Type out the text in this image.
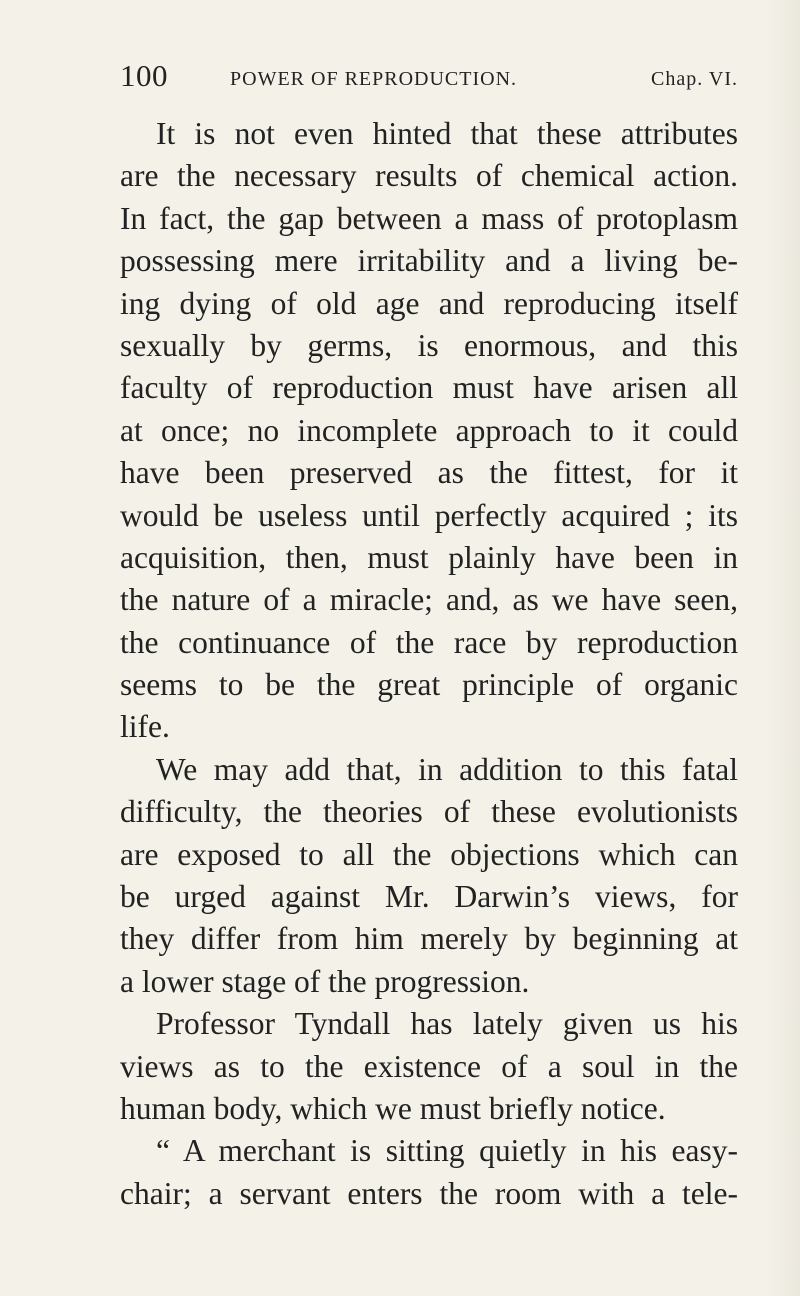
100	POWER OF REPRODUCTION.	Chap. VI.
It is not even hinted that these attributes
are the necessary results of chemical action.
In fact, the gap between a mass of protoplasm
possessing mere irritability and a living be-
ing dying of old age and reproducing itself
sexually by germs, is enormous, and this
faculty of reproduction must have arisen all
at once; no incomplete approach to it could
have been preserved as the fittest, for it
would be useless until perfectly acquired ; its
acquisition, then, must plainly have been in
the nature of a miracle; and, as we have seen,
the continuance of the race by reproduction
seems to be the great principle of organic
life.
We may add that, in addition to this fatal
difficulty, the theories of these evolutionists
are exposed to all the objections which can
be urged against Mr. Darwin’s views, for
they differ from him merely by beginning at
a lower stage of the progression.
Professor Tyndall has lately given us his
views as to the existence of a soul in the
human body, which we must briefly notice.
“ A merchant is sitting quietly in his easy-
chair; a servant enters the room with a tele-
